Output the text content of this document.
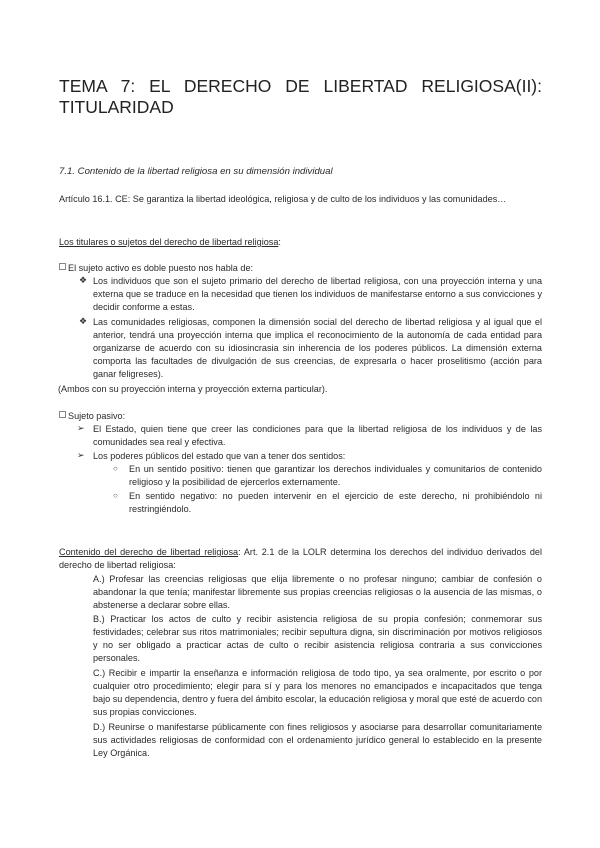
TEMA 7: EL DERECHO DE LIBERTAD RELIGIOSA(II): TITULARIDAD
7.1. Contenido de la libertad religiosa en su dimensión individual
Artículo 16.1. CE: Se garantiza la libertad ideológica, religiosa y de culto de los individuos y las comunidades…
Los titulares o sujetos del derecho de libertad religiosa:
El sujeto activo es doble puesto nos habla de:
❖ Los individuos que son el sujeto primario del derecho de libertad religiosa, con una proyección interna y una externa que se traduce en la necesidad que tienen los individuos de manifestarse entorno a sus convicciones y decidir conforme a estas.
❖ Las comunidades religiosas, componen la dimensión social del derecho de libertad religiosa y al igual que el anterior, tendrá una proyección interna que implica el reconocimiento de la autonomía de cada entidad para organizarse de acuerdo con su idiosincrasia sin inherencia de los poderes públicos. La dimensión externa comporta las facultades de divulgación de sus creencias, de expresarla o hacer proselitismo (acción para ganar feligreses).
(Ambos con su proyección interna y proyección externa particular).
Sujeto pasivo:
➢ El Estado, quien tiene que creer las condiciones para que la libertad religiosa de los individuos y de las comunidades sea real y efectiva.
➢ Los poderes públicos del estado que van a tener dos sentidos:
○ En un sentido positivo: tienen que garantizar los derechos individuales y comunitarios de contenido religioso y la posibilidad de ejercerlos externamente.
○ En sentido negativo: no pueden intervenir en el ejercicio de este derecho, ni prohibiéndolo ni restringiéndolo.
Contenido del derecho de libertad religiosa: Art. 2.1 de la LOLR determina los derechos del individuo derivados del derecho de libertad religiosa:
A.) Profesar las creencias religiosas que elija libremente o no profesar ninguno; cambiar de confesión o abandonar la que tenía; manifestar libremente sus propias creencias religiosas o la ausencia de las mismas, o abstenerse a declarar sobre ellas.
B.) Practicar los actos de culto y recibir asistencia religiosa de su propia confesión; conmemorar sus festividades; celebrar sus ritos matrimoniales; recibir sepultura digna, sin discriminación por motivos religiosos y no ser obligado a practicar actas de culto o recibir asistencia religiosa contraria a sus convicciones personales.
C.) Recibir e impartir la enseñanza e información religiosa de todo tipo, ya sea oralmente, por escrito o por cualquier otro procedimiento; elegir para sí y para los menores no emancipados e incapacitados que tenga bajo su dependencia, dentro y fuera del ámbito escolar, la educación religiosa y moral que esté de acuerdo con sus propias convicciones.
D.) Reunirse o manifestarse públicamente con fines religiosos y asociarse para desarrollar comunitariamente sus actividades religiosas de conformidad con el ordenamiento jurídico general lo establecido en la presente Ley Orgánica.
